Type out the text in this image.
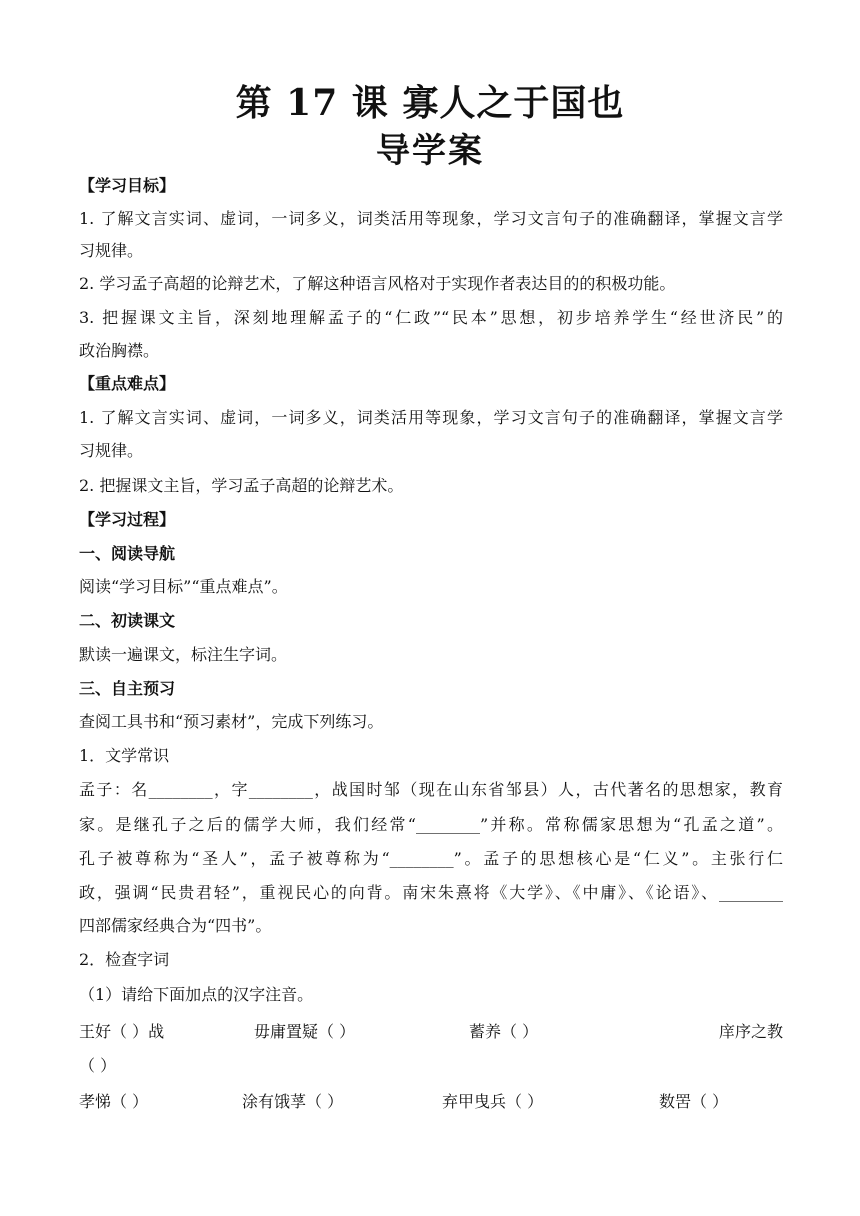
第 17 课 寡人之于国也
导学案
【学习目标】
1. 了解文言实词、虚词，一词多义，词类活用等现象，学习文言句子的准确翻译，掌握文言学
习规律。
2. 学习孟子高超的论辩艺术，了解这种语言风格对于实现作者表达目的的积极功能。
3. 把握课文主旨，深刻地理解孟子的“仁政”“民本”思想，初步培养学生“经世济民”的
政治胸襟。
【重点难点】
1. 了解文言实词、虚词，一词多义，词类活用等现象，学习文言句子的准确翻译，掌握文言学
习规律。
2. 把握课文主旨，学习孟子高超的论辩艺术。
【学习过程】
一、阅读导航
阅读“学习目标”“重点难点”。
二、初读课文
默读一遍课文，标注生字词。
三、自主预习
查阅工具书和“预习素材”，完成下列练习。
1．文学常识
孟子：名________，字________，战国时邹（现在山东省邹县）人，古代著名的思想家，教育
家。是继孔子之后的儒学大师，我们经常“________”并称。常称儒家思想为“孔孟之道”。
孔子被尊称为“圣人”，孟子被尊称为“________”。孟子的思想核心是“仁义”。主张行仁
政，强调“民贵君轻”，重视民心的向背。南宋朱熹将《大学》、《中庸》、《论语》、________
四部儒家经典合为“四书”。
2．检查字词
（1）请给下面加点的汉字注音。
王好（ ）战	毋庸置疑（ ）	蓄养（ ）	庠序之教
（ ）
孝悌（ ）	涂有饿莩（ ）	弃甲曳兵（ ）	数罟（ ）
